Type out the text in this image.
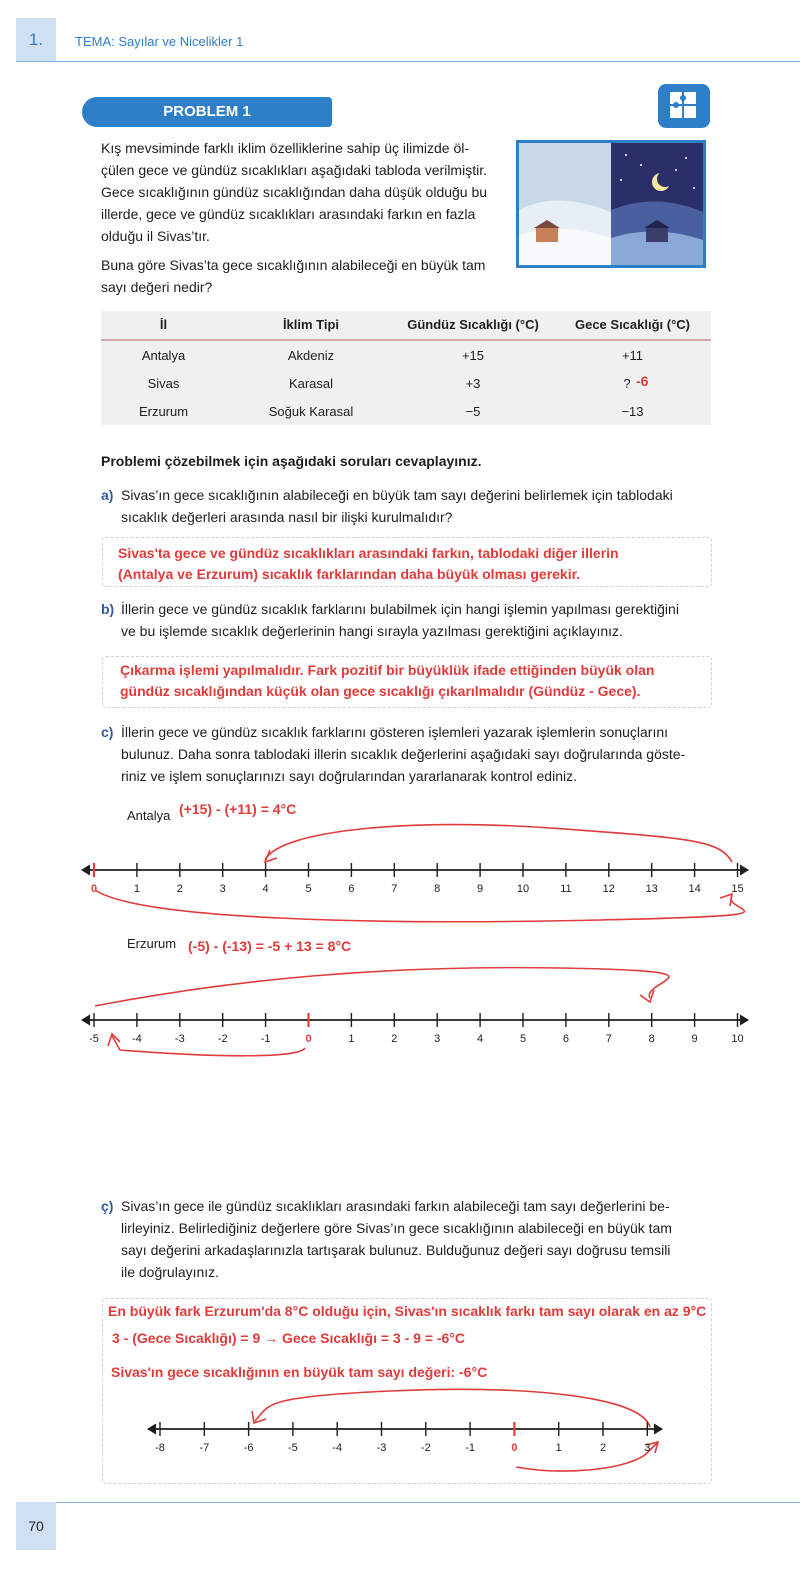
1.	TEMA: Sayılar ve Nicelikler 1
PROBLEM 1
Kış mevsiminde farklı iklim özelliklerine sahip üç ilimizde öl-
çülen gece ve gündüz sıcaklıkları aşağıdaki tabloda verilmiştir.
Gece sıcaklığının gündüz sıcaklığından daha düşük olduğu bu
illerde, gece ve gündüz sıcaklıkları arasındaki farkın en fazla
olduğu il Sivas’tır.
Buna göre Sivas’ta gece sıcaklığının alabileceği en büyük tam
sayı değeri nedir?
İl	İklim Tipi	Gündüz Sıcaklığı (°C)	Gece Sıcaklığı (°C)
Antalya	Akdeniz	+15	+11
Sivas	Karasal	+3	? -6
Erzurum	Soğuk Karasal	−5	−13
Problemi çözebilmek için aşağıdaki soruları cevaplayınız.
a) Sivas’ın gece sıcaklığının alabileceği en büyük tam sayı değerini belirlemek için tablodaki
sıcaklık değerleri arasında nasıl bir ilişki kurulmalıdır?
Sivas'ta gece ve gündüz sıcaklıkları arasındaki farkın, tablodaki diğer illerin
(Antalya ve Erzurum) sıcaklık farklarından daha büyük olması gerekir.
b) İllerin gece ve gündüz sıcaklık farklarını bulabilmek için hangi işlemin yapılması gerektiğini
ve bu işlemde sıcaklık değerlerinin hangi sırayla yazılması gerektiğini açıklayınız.
Çıkarma işlemi yapılmalıdır. Fark pozitif bir büyüklük ifade ettiğinden büyük olan
gündüz sıcaklığından küçük olan gece sıcaklığı çıkarılmalıdır (Gündüz - Gece).
c) İllerin gece ve gündüz sıcaklık farklarını gösteren işlemleri yazarak işlemlerin sonuçlarını
bulunuz. Daha sonra tablodaki illerin sıcaklık değerlerini aşağıdaki sayı doğrularında göste-
riniz ve işlem sonuçlarınızı sayı doğrularından yararlanarak kontrol ediniz.
Antalya (+15) - (+11) = 4°C
0	1	2	3	4	5	6	7	8	9	10	11	12	13	14	15
Erzurum (-5) - (-13) = -5 + 13 = 8°C
-5	-4	-3	-2	-1	0	1	2	3	4	5	6	7	8	9	10
ç) Sivas’ın gece ile gündüz sıcaklıkları arasındaki farkın alabileceği tam sayı değerlerini be-
lirleyiniz. Belirlediğiniz değerlere göre Sivas’ın gece sıcaklığının alabileceği en büyük tam
sayı değerini arkadaşlarınızla tartışarak bulunuz. Bulduğunuz değeri sayı doğrusu temsili
ile doğrulayınız.
En büyük fark Erzurum'da 8°C olduğu için, Sivas'ın sıcaklık farkı tam sayı olarak en az 9°C
3 - (Gece Sıcaklığı) = 9 → Gece Sıcaklığı = 3 - 9 = -6°C
Sivas'ın gece sıcaklığının en büyük tam sayı değeri: -6°C
-8	-7	-6	-5	-4	-3	-2	-1	0	1	2	3
70
